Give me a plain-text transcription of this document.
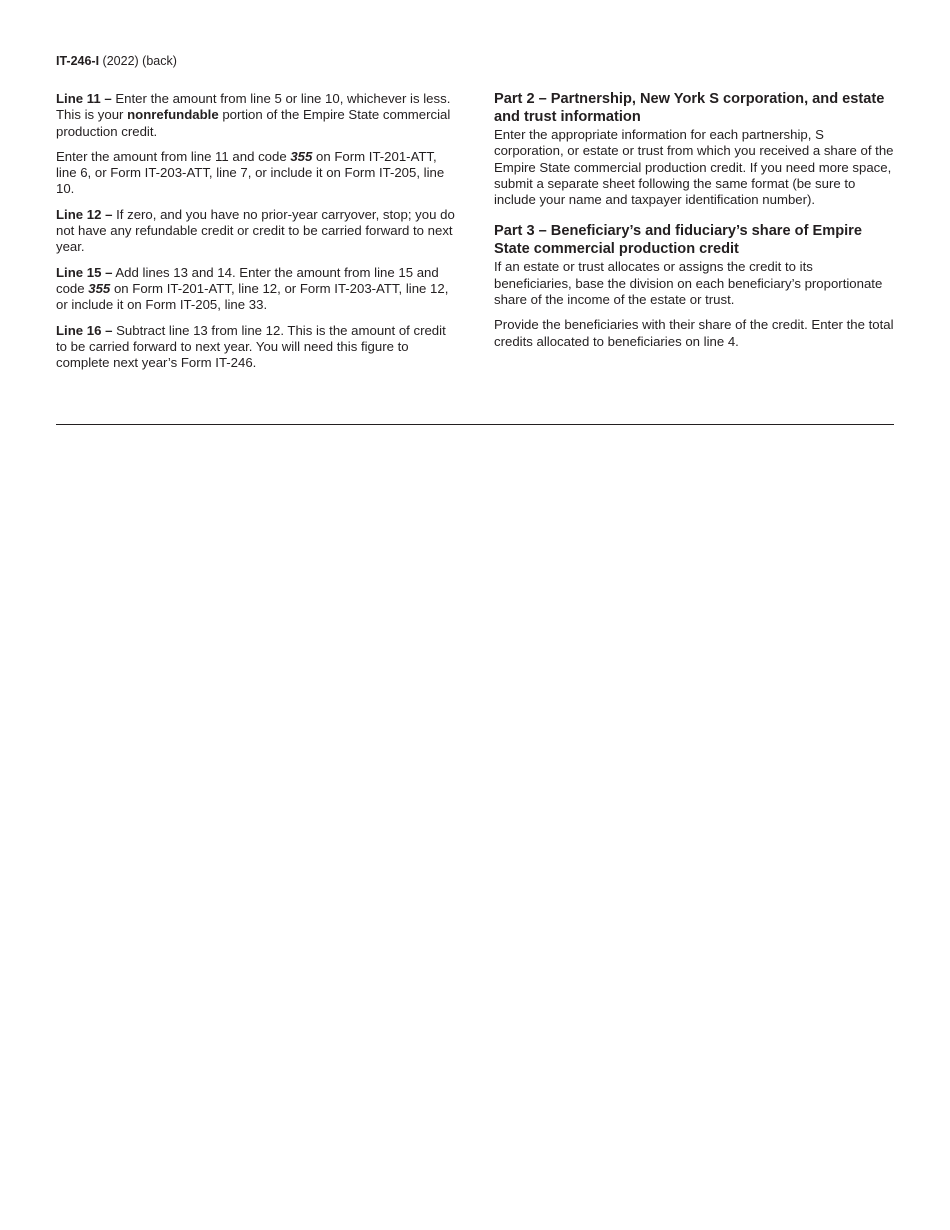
IT-246-I (2022) (back)

Line 11 – Enter the amount from line 5 or line 10, whichever is less. This is your nonrefundable portion of the Empire State commercial production credit.

Enter the amount from line 11 and code 355 on Form IT-201-ATT, line 6, or Form IT-203-ATT, line 7, or include it on Form IT-205, line 10.

Line 12 – If zero, and you have no prior-year carryover, stop; you do not have any refundable credit or credit to be carried forward to next year.

Line 15 – Add lines 13 and 14. Enter the amount from line 15 and code 355 on Form IT-201-ATT, line 12, or Form IT-203-ATT, line 12, or include it on Form IT-205, line 33.

Line 16 – Subtract line 13 from line 12. This is the amount of credit to be carried forward to next year. You will need this figure to complete next year’s Form IT-246.

Part 2 – Partnership, New York S corporation, and estate and trust information

Enter the appropriate information for each partnership, S corporation, or estate or trust from which you received a share of the Empire State commercial production credit. If you need more space, submit a separate sheet following the same format (be sure to include your name and taxpayer identification number).

Part 3 – Beneficiary’s and fiduciary’s share of Empire State commercial production credit

If an estate or trust allocates or assigns the credit to its beneficiaries, base the division on each beneficiary’s proportionate share of the income of the estate or trust.

Provide the beneficiaries with their share of the credit. Enter the total credits allocated to beneficiaries on line 4.
